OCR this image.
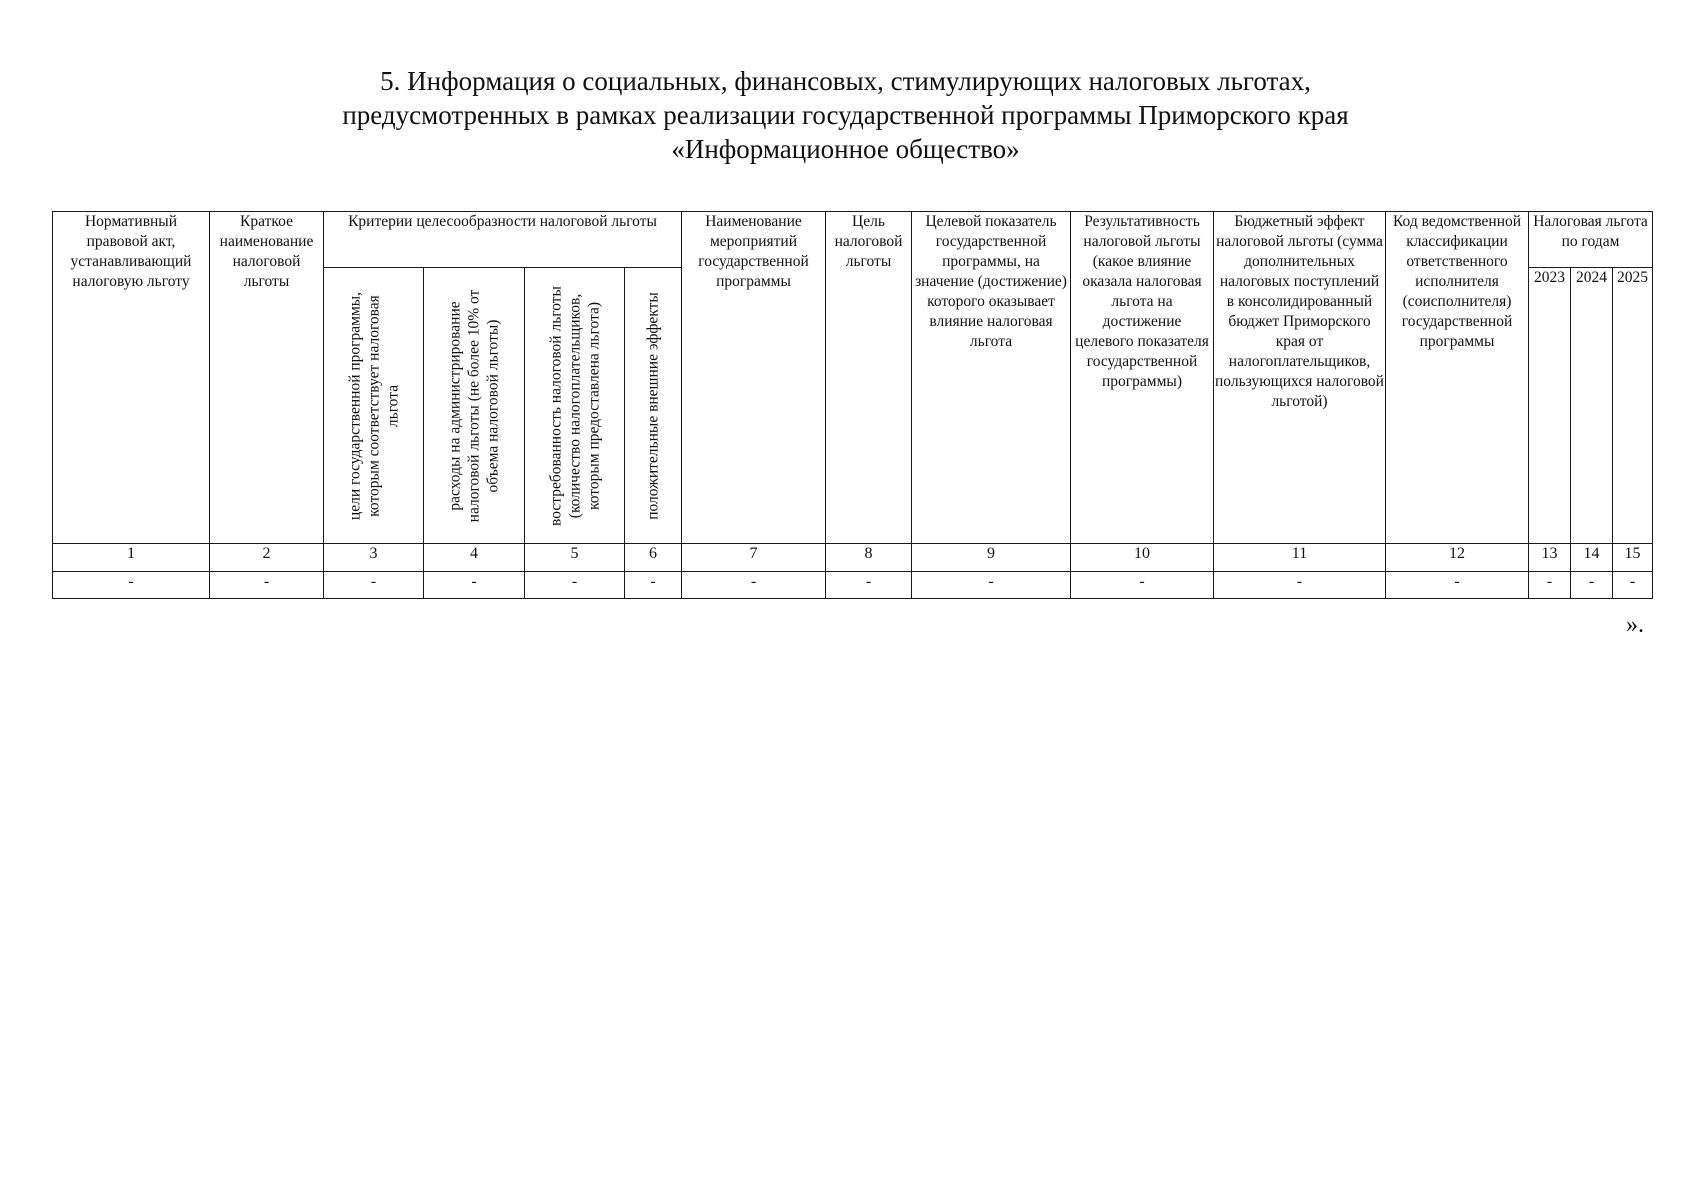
5. Информация о социальных, финансовых, стимулирующих налоговых льготах,
предусмотренных в рамках реализации государственной программы Приморского края
«Информационное общество»
Нормативный правовой акт, устанавливающий налоговую льготу	Краткое наименование налоговой льготы	Критерии целесообразности налоговой льготы				Наименование мероприятий государственной программы	Цель налоговой льготы	Целевой показатель государственной программы, на значение (достижение) которого оказывает влияние налоговая льгота	Результативность налоговой льготы (какое влияние оказала налоговая льгота на достижение целевого показателя государственной программы)	Бюджетный эффект налоговой льготы (сумма дополнительных налоговых поступлений в консолидированный бюджет Приморского края от налогоплательщиков, пользующихся налоговой льготой)	Код ведомственной классификации ответственного исполнителя (соисполнителя) государственной программы	Налоговая льгота по годам		

		цели государственной программы, которым соответствует налоговая льгота	расходы на администрирование налоговой льготы (не более 10% от объема налоговой льготы)	востребованность налоговой льготы (количество налогоплательщиков, которым предоставлена льгота)	положительные внешние эффекты							2023	2024	2025
1	2	3	4	5	6	7	8	9	10	11	12	13	14	15
-	-	-	-	-	-	-	-	-	-	-	-	-	-	-
».
